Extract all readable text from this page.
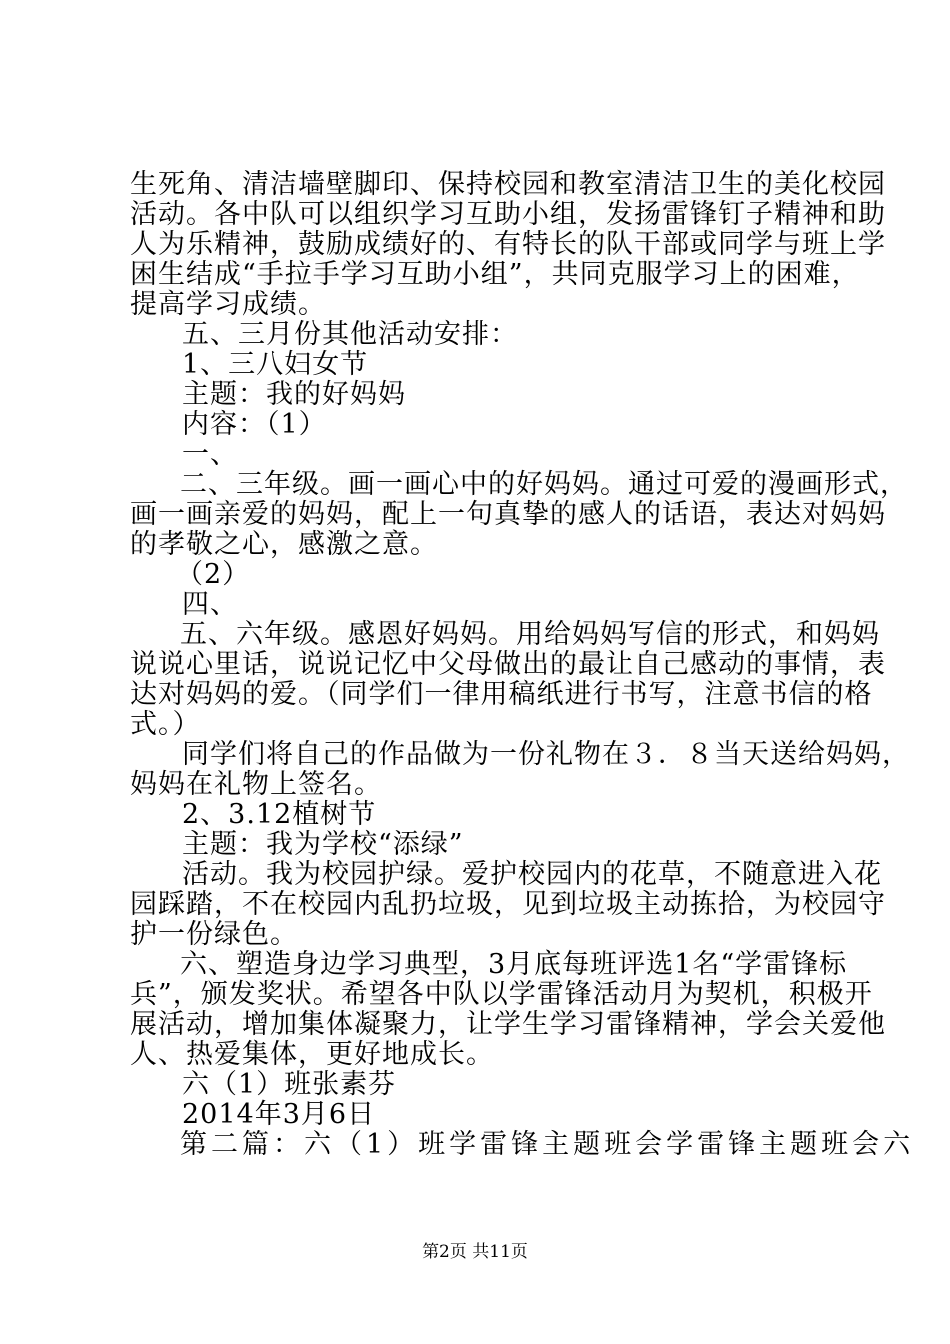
生死角、清洁墙壁脚印、保持校园和教室清洁卫生的美化校园
活动。各中队可以组织学习互助小组，发扬雷锋钉子精神和助
人为乐精神，鼓励成绩好的、有特长的队干部或同学与班上学
困生结成“手拉手学习互助小组”，共同克服学习上的困难，
提高学习成绩。
五、三月份其他活动安排：
1、三八妇女节
主题：我的好妈妈
内容：（1）
一、
二、三年级。画一画心中的好妈妈。通过可爱的漫画形式，
画一画亲爱的妈妈，配上一句真挚的感人的话语，表达对妈妈
的孝敬之心，感激之意。
（2）
四、
五、六年级。感恩好妈妈。用给妈妈写信的形式，和妈妈
说说心里话，说说记忆中父母做出的最让自己感动的事情，表
达对妈妈的爱。（同学们一律用稿纸进行书写，注意书信的格
式。）
同学们将自己的作品做为一份礼物在３．８当天送给妈妈，
妈妈在礼物上签名。
2、3.12植树节
主题：我为学校“添绿”
活动。我为校园护绿。爱护校园内的花草，不随意进入花
园踩踏，不在校园内乱扔垃圾，见到垃圾主动拣拾，为校园守
护一份绿色。
六、塑造身边学习典型，3月底每班评选1名“学雷锋标
兵”，颁发奖状。希望各中队以学雷锋活动月为契机，积极开
展活动，增加集体凝聚力，让学生学习雷锋精神，学会关爱他
人、热爱集体，更好地成长。
六（1）班张素芬
2014年3月6日
第二篇：六（1）班学雷锋主题班会学雷锋主题班会六
第2页 共11页
